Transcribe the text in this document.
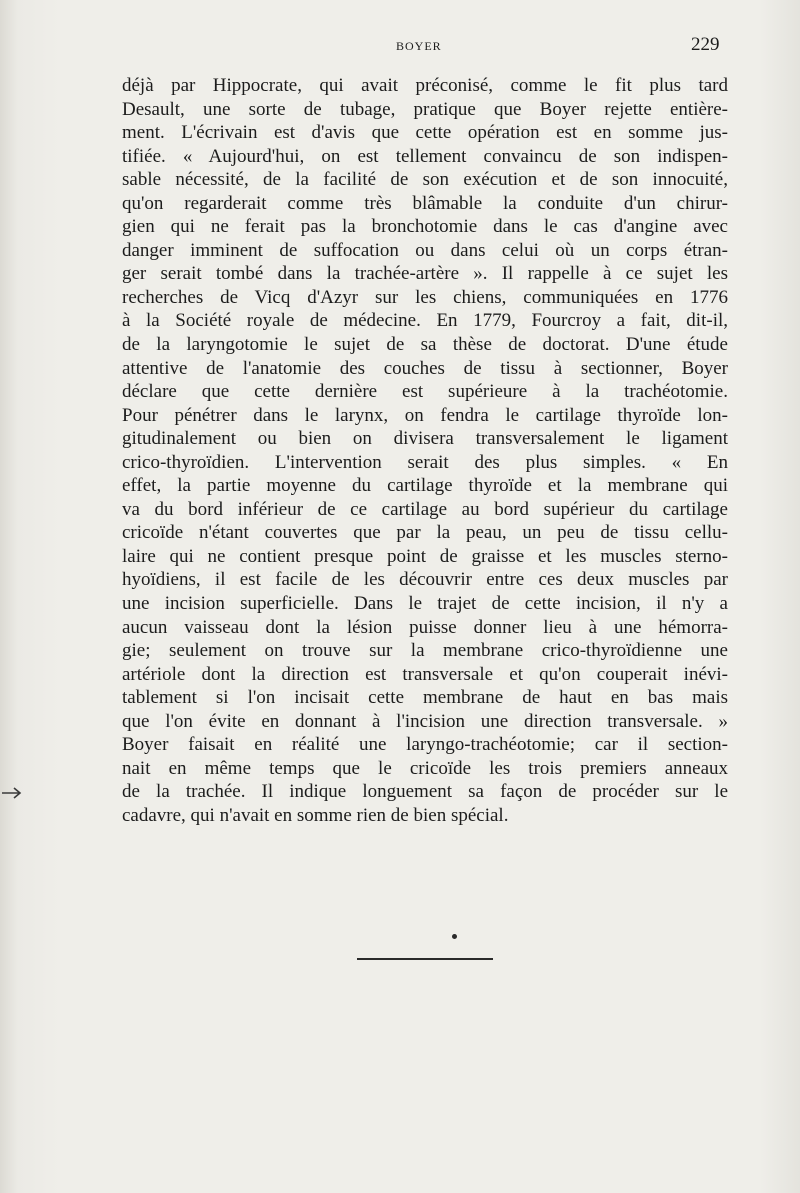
BOYER	229
déjà par Hippocrate, qui avait préconisé, comme le fit plus tard
Desault, une sorte de tubage, pratique que Boyer rejette entière-
ment. L'écrivain est d'avis que cette opération est en somme jus-
tifiée. « Aujourd'hui, on est tellement convaincu de son indispen-
sable nécessité, de la facilité de son exécution et de son innocuité,
qu'on regarderait comme très blâmable la conduite d'un chirur-
gien qui ne ferait pas la bronchotomie dans le cas d'angine avec
danger imminent de suffocation ou dans celui où un corps étran-
ger serait tombé dans la trachée-artère ». Il rappelle à ce sujet les
recherches de Vicq d'Azyr sur les chiens, communiquées en 1776
à la Société royale de médecine. En 1779, Fourcroy a fait, dit-il,
de la laryngotomie le sujet de sa thèse de doctorat. D'une étude
attentive de l'anatomie des couches de tissu à sectionner, Boyer
déclare que cette dernière est supérieure à la trachéotomie.
Pour pénétrer dans le larynx, on fendra le cartilage thyroïde lon-
gitudinalement ou bien on divisera transversalement le ligament
crico-thyroïdien. L'intervention serait des plus simples. « En
effet, la partie moyenne du cartilage thyroïde et la membrane qui
va du bord inférieur de ce cartilage au bord supérieur du cartilage
cricoïde n'étant couvertes que par la peau, un peu de tissu cellu-
laire qui ne contient presque point de graisse et les muscles sterno-
hyoïdiens, il est facile de les découvrir entre ces deux muscles par
une incision superficielle. Dans le trajet de cette incision, il n'y a
aucun vaisseau dont la lésion puisse donner lieu à une hémorra-
gie; seulement on trouve sur la membrane crico-thyroïdienne une
artériole dont la direction est transversale et qu'on couperait inévi-
tablement si l'on incisait cette membrane de haut en bas mais
que l'on évite en donnant à l'incision une direction transversale. »
Boyer faisait en réalité une laryngo-trachéotomie; car il section-
nait en même temps que le cricoïde les trois premiers anneaux
de la trachée. Il indique longuement sa façon de procéder sur le
cadavre, qui n'avait en somme rien de bien spécial.
